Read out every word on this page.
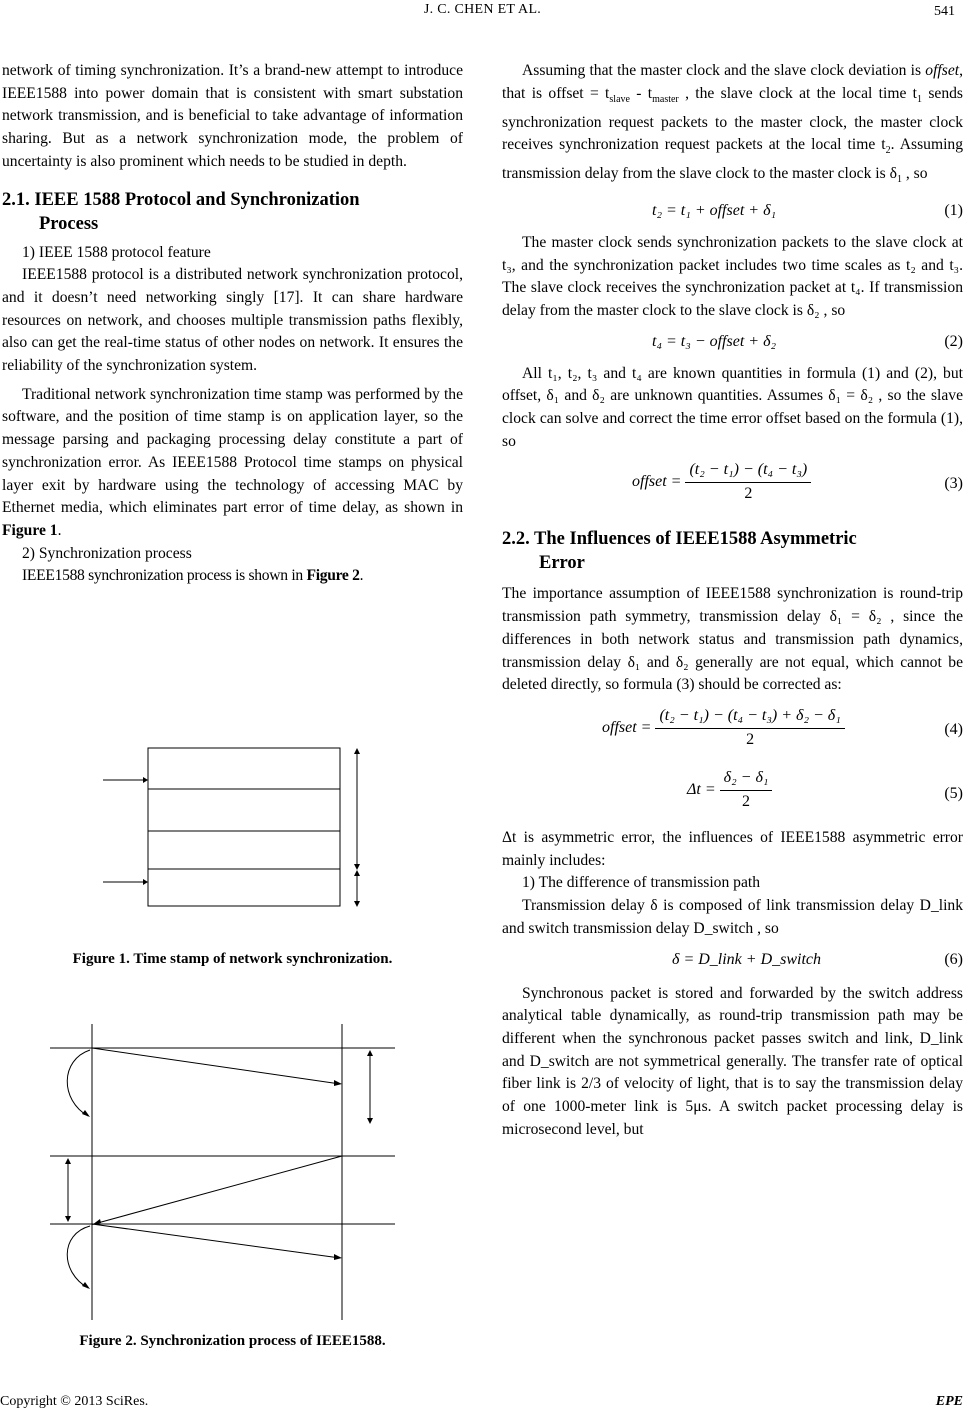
J. C. CHEN ET AL.	541

network of timing synchronization. It’s a brand-new attempt to introduce IEEE1588 into power domain that is consistent with smart substation network transmission, and is beneficial to take advantage of information sharing. But as a network synchronization mode, the problem of uncertainty is also prominent which needs to be studied in depth.

2.1. IEEE 1588 Protocol and Synchronization
Process

1) IEEE 1588 protocol feature

IEEE1588 protocol is a distributed network synchronization protocol, and it doesn’t need networking singly [17]. It can share hardware resources on network, and chooses multiple transmission paths flexibly, also can get the real-time status of other nodes on network. It ensures the reliability of the synchronization system.

Traditional network synchronization time stamp was performed by the software, and the position of time stamp is on application layer, so the message parsing and packaging processing delay constitute a part of synchronization error. As IEEE1588 Protocol time stamps on physical layer exit by hardware using the technology of accessing MAC by Ethernet media, which eliminates part error of time delay, as shown in Figure 1.

2) Synchronization process

IEEE1588 synchronization process is shown in Figure 2.

Figure 1. Time stamp of network synchronization.
Figure 2. Synchronization process of IEEE1588.

Assuming that the master clock and the slave clock deviation is offset, that is offset = $t_{slave} - t_{master}$ , the slave clock at the local time $t_1$ sends synchronization request packets to the master clock, the master clock receives synchronization request packets at the local time $t_2$. Assuming transmission delay from the slave clock to the master clock is $\delta_1$ , so

t₂ = t₁ + offset + δ₁	(1)

The master clock sends synchronization packets to the slave clock at t₃, and the synchronization packet includes two time scales as t₂ and t₃. The slave clock receives the synchronization packet at t₄. If transmission delay from the master clock to the slave clock is δ₂ , so

t₄ = t₃ − offset + δ₂	(2)

All t₁, t₂, t₃ and t₄ are known quantities in formula (1) and (2), but offset, δ₁ and δ₂ are unknown quantities. Assumes δ₁ = δ₂ , so the slave clock can solve and correct the time error offset based on the formula (1), so

offset = $\frac{\text{(t₂ − t₁) − (t₄ − t₃)}}{2}$	(3)
2.2. The Influences of IEEE1588 Asymmetric
Error

The importance assumption of IEEE1588 synchronization is round-trip transmission path symmetry, transmission delay δ₁ = δ₂ , since the differences in both network status and transmission path dynamics, transmission delay δ₁ and δ₂ generally are not equal, which cannot be deleted directly, so formula (3) should be corrected as:

offset = $\frac{\text{(t₂ − t₁) − (t₄ − t₃) + δ₂ − δ₁}}{2}$	(4)
$\Delta t = \frac{\text{δ₂ − δ₁}}{2}$	(5)

Δt is asymmetric error, the influences of IEEE1588 asymmetric error mainly includes:

1) The difference of transmission path

Transmission delay δ is composed of link transmission delay D_link and switch transmission delay D_switch , so

δ = D_link + D_switch	(6)

Synchronous packet is stored and forwarded by the switch address analytical table dynamically, as round-trip transmission path may be different when the synchronous packet passes switch and link, D_link and D_switch are not symmetrical generally. The transfer rate of optical fiber link is 2/3 of velocity of light, that is to say the transmission delay of one 1000-meter link is 5μs. A switch packet processing delay is microsecond level, but

Copyright © 2013 SciRes.	EPE
